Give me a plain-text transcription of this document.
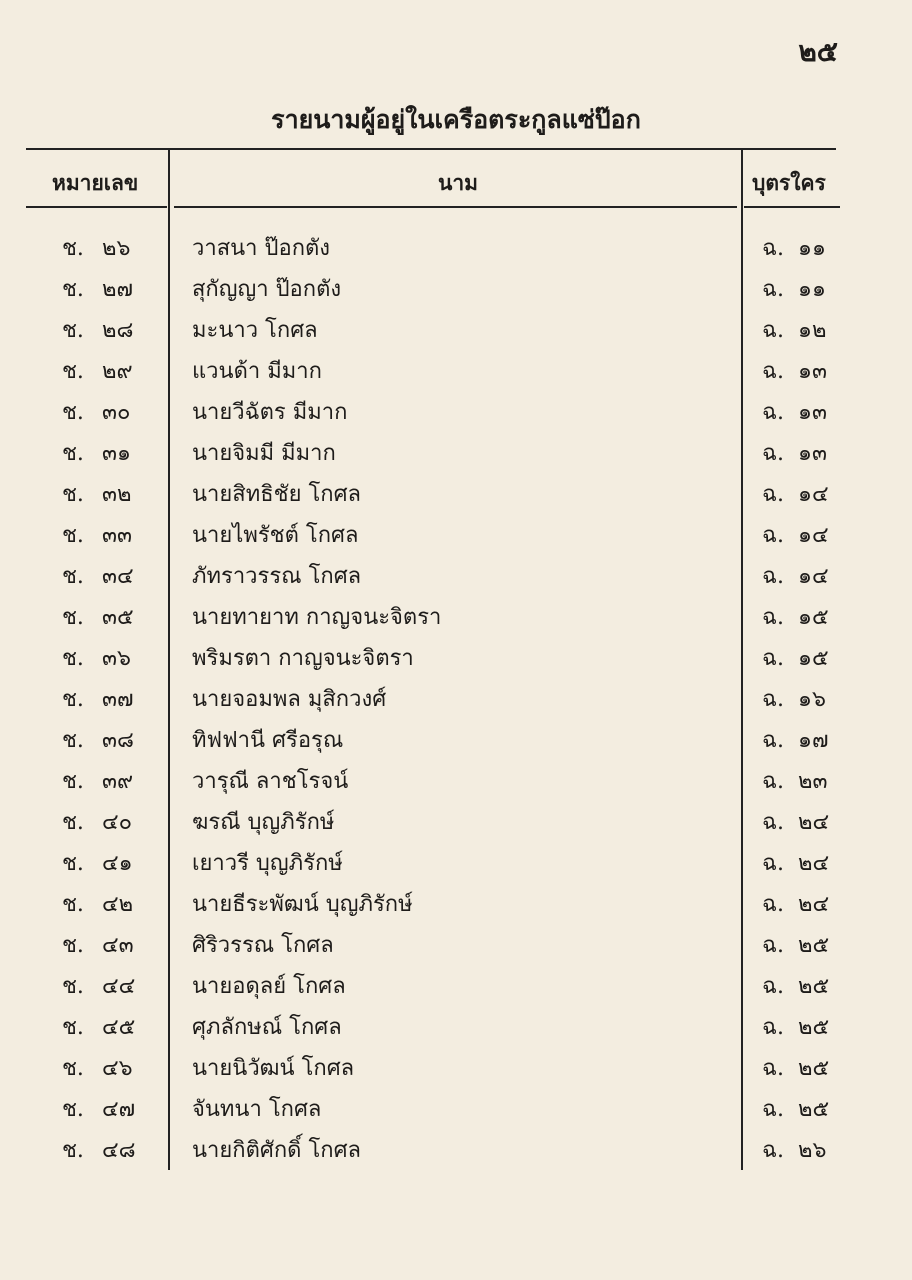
๒๕
รายนามผู้อยู่ในเครือตระกูลแซ่ป๊อก
หมายเลข	นาม	บุตรใคร
ช. ๒๖	วาสนา ป๊อกตัง	ฉ. ๑๑
ช. ๒๗	สุกัญญา ป๊อกตัง	ฉ. ๑๑
ช. ๒๘	มะนาว โกศล	ฉ. ๑๒
ช. ๒๙	แวนด้า มีมาก	ฉ. ๑๓
ช. ๓๐	นายวีฉัตร มีมาก	ฉ. ๑๓
ช. ๓๑	นายจิมมี มีมาก	ฉ. ๑๓
ช. ๓๒	นายสิทธิชัย โกศล	ฉ. ๑๔
ช. ๓๓	นายไพรัชต์ โกศล	ฉ. ๑๔
ช. ๓๔	ภัทราวรรณ โกศล	ฉ. ๑๔
ช. ๓๕	นายทายาท กาญจนะจิตรา	ฉ. ๑๕
ช. ๓๖	พริมรตา กาญจนะจิตรา	ฉ. ๑๕
ช. ๓๗	นายจอมพล มุสิกวงศ์	ฉ. ๑๖
ช. ๓๘	ทิฟฟานี ศรีอรุณ	ฉ. ๑๗
ช. ๓๙	วารุณี ลาชโรจน์	ฉ. ๒๓
ช. ๔๐	ฆรณี บุญภิรักษ์	ฉ. ๒๔
ช. ๔๑	เยาวรี บุญภิรักษ์	ฉ. ๒๔
ช. ๔๒	นายธีระพัฒน์ บุญภิรักษ์	ฉ. ๒๔
ช. ๔๓	ศิริวรรณ โกศล	ฉ. ๒๕
ช. ๔๔	นายอดุลย์ โกศล	ฉ. ๒๕
ช. ๔๕	ศุภลักษณ์ โกศล	ฉ. ๒๕
ช. ๔๖	นายนิวัฒน์ โกศล	ฉ. ๒๕
ช. ๔๗	จันทนา โกศล	ฉ. ๒๕
ช. ๔๘	นายกิติศักดิ์ โกศล	ฉ. ๒๖
